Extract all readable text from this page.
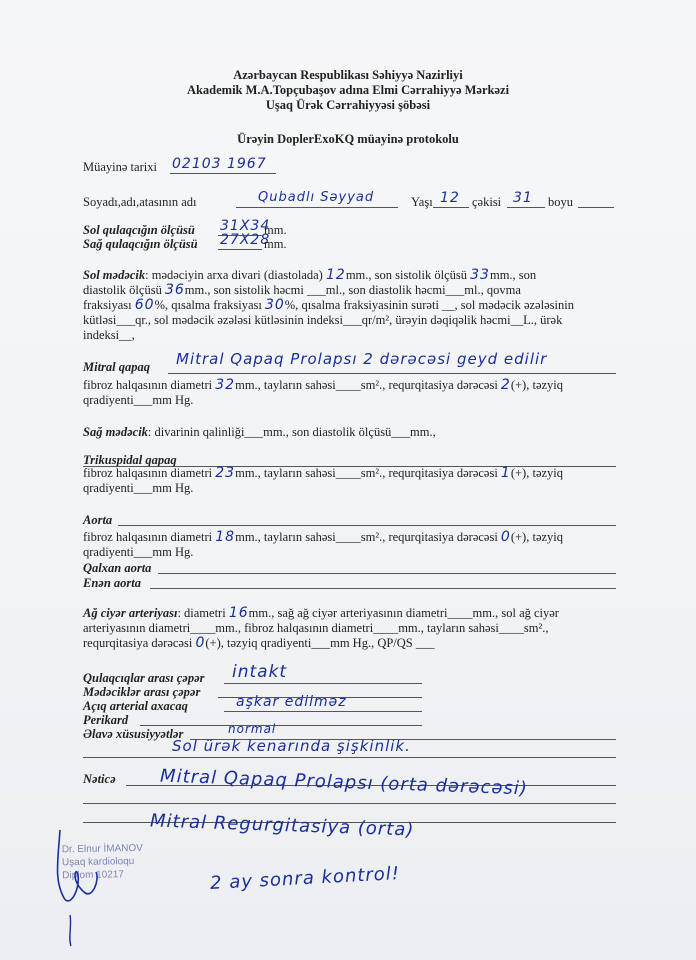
Azərbaycan Respublikası Səhiyyə Nazirliyi
Akademik M.A.Topçubaşov adına Elmi Cərrahiyyə Mərkəzi
Uşaq Ürək Cərrahiyyəsi şöbəsi
Ürəyin DoplerExoKQ müayinə protokolu
Müayinə tarixi 02103 1967
Soyadı,adı,atasının adı	Qubadlı Səyyad	Yaşı 12 çəkisi 31 boyu
Sol qulaqcığın ölçüsü 31X34
mm.
Sağ qulaqcığın ölçüsü 27X28
mm.
Sol mədəcik: mədəciyin arxa divari (diastolada) 12mm., son sistolik ölçüsü 33mm., son
diastolik ölçüsü 36mm., son sistolik həcmi ___ml., son diastolik həcmi___ml., qovma
fraksiyası 60%, qısalma fraksiyası 30%, qısalma fraksiyasinin surəti __, sol mədəcik əzələsinin
kütləsi___qr., sol mədəcik əzələsi kütləsinin indeksi___qr/m², ürəyin dəqiqəlik həcmi__L., ürək
indeksi__,
Mitral qapaq Mitral Qapaq Prolapsı 2 dərəcəsi geyd edilir
fibroz halqasının diametri 32mm., tayların sahəsi____sm²., requrqitasiya dərəcəsi 2(+), təzyiq
qradiyenti___mm Hg.
Sağ mədəcik: divarinin qalinliği___mm., son diastolik ölçüsü___mm.,
Trikuspidal qapaq
fibroz halqasının diametri 23mm., tayların sahəsi____sm²., requrqitasiya dərəcəsi 1(+), təzyiq
qradiyenti___mm Hg.
Aorta
fibroz halqasının diametri 18mm., tayların sahəsi____sm²., requrqitasiya dərəcəsi 0(+), təzyiq
qradiyenti___mm Hg.
Qalxan aorta
Enən aorta
Ağ ciyər arteriyası: diametri 16mm., sağ ağ ciyər arteriyasının diametri____mm., sol ağ ciyər
arteriyasının diametri____mm., fibroz halqasının diametri____mm., tayların sahəsi____sm².,
requrqitasiya dərəcəsi 0(+), təzyiq qradiyenti___mm Hg., QP/QS ___
Qulaqcıqlar arası çəpər intakt
Mədəciklər arası çəpər
Açıq arterial axacaq	aşkar edilməz
Perikard
Əlavə xüsusiyyətlər	normal
Sol ürək kenarında şişkinlik.
Nəticə Mitral Qapaq Prolapsı (orta dərəcəsi)
Mitral Regurgitasiya (orta)
2 ay sonra kontrol!
Dr. Elnur İMANOV
Uşaq kardioloqu
Diplom 10217
